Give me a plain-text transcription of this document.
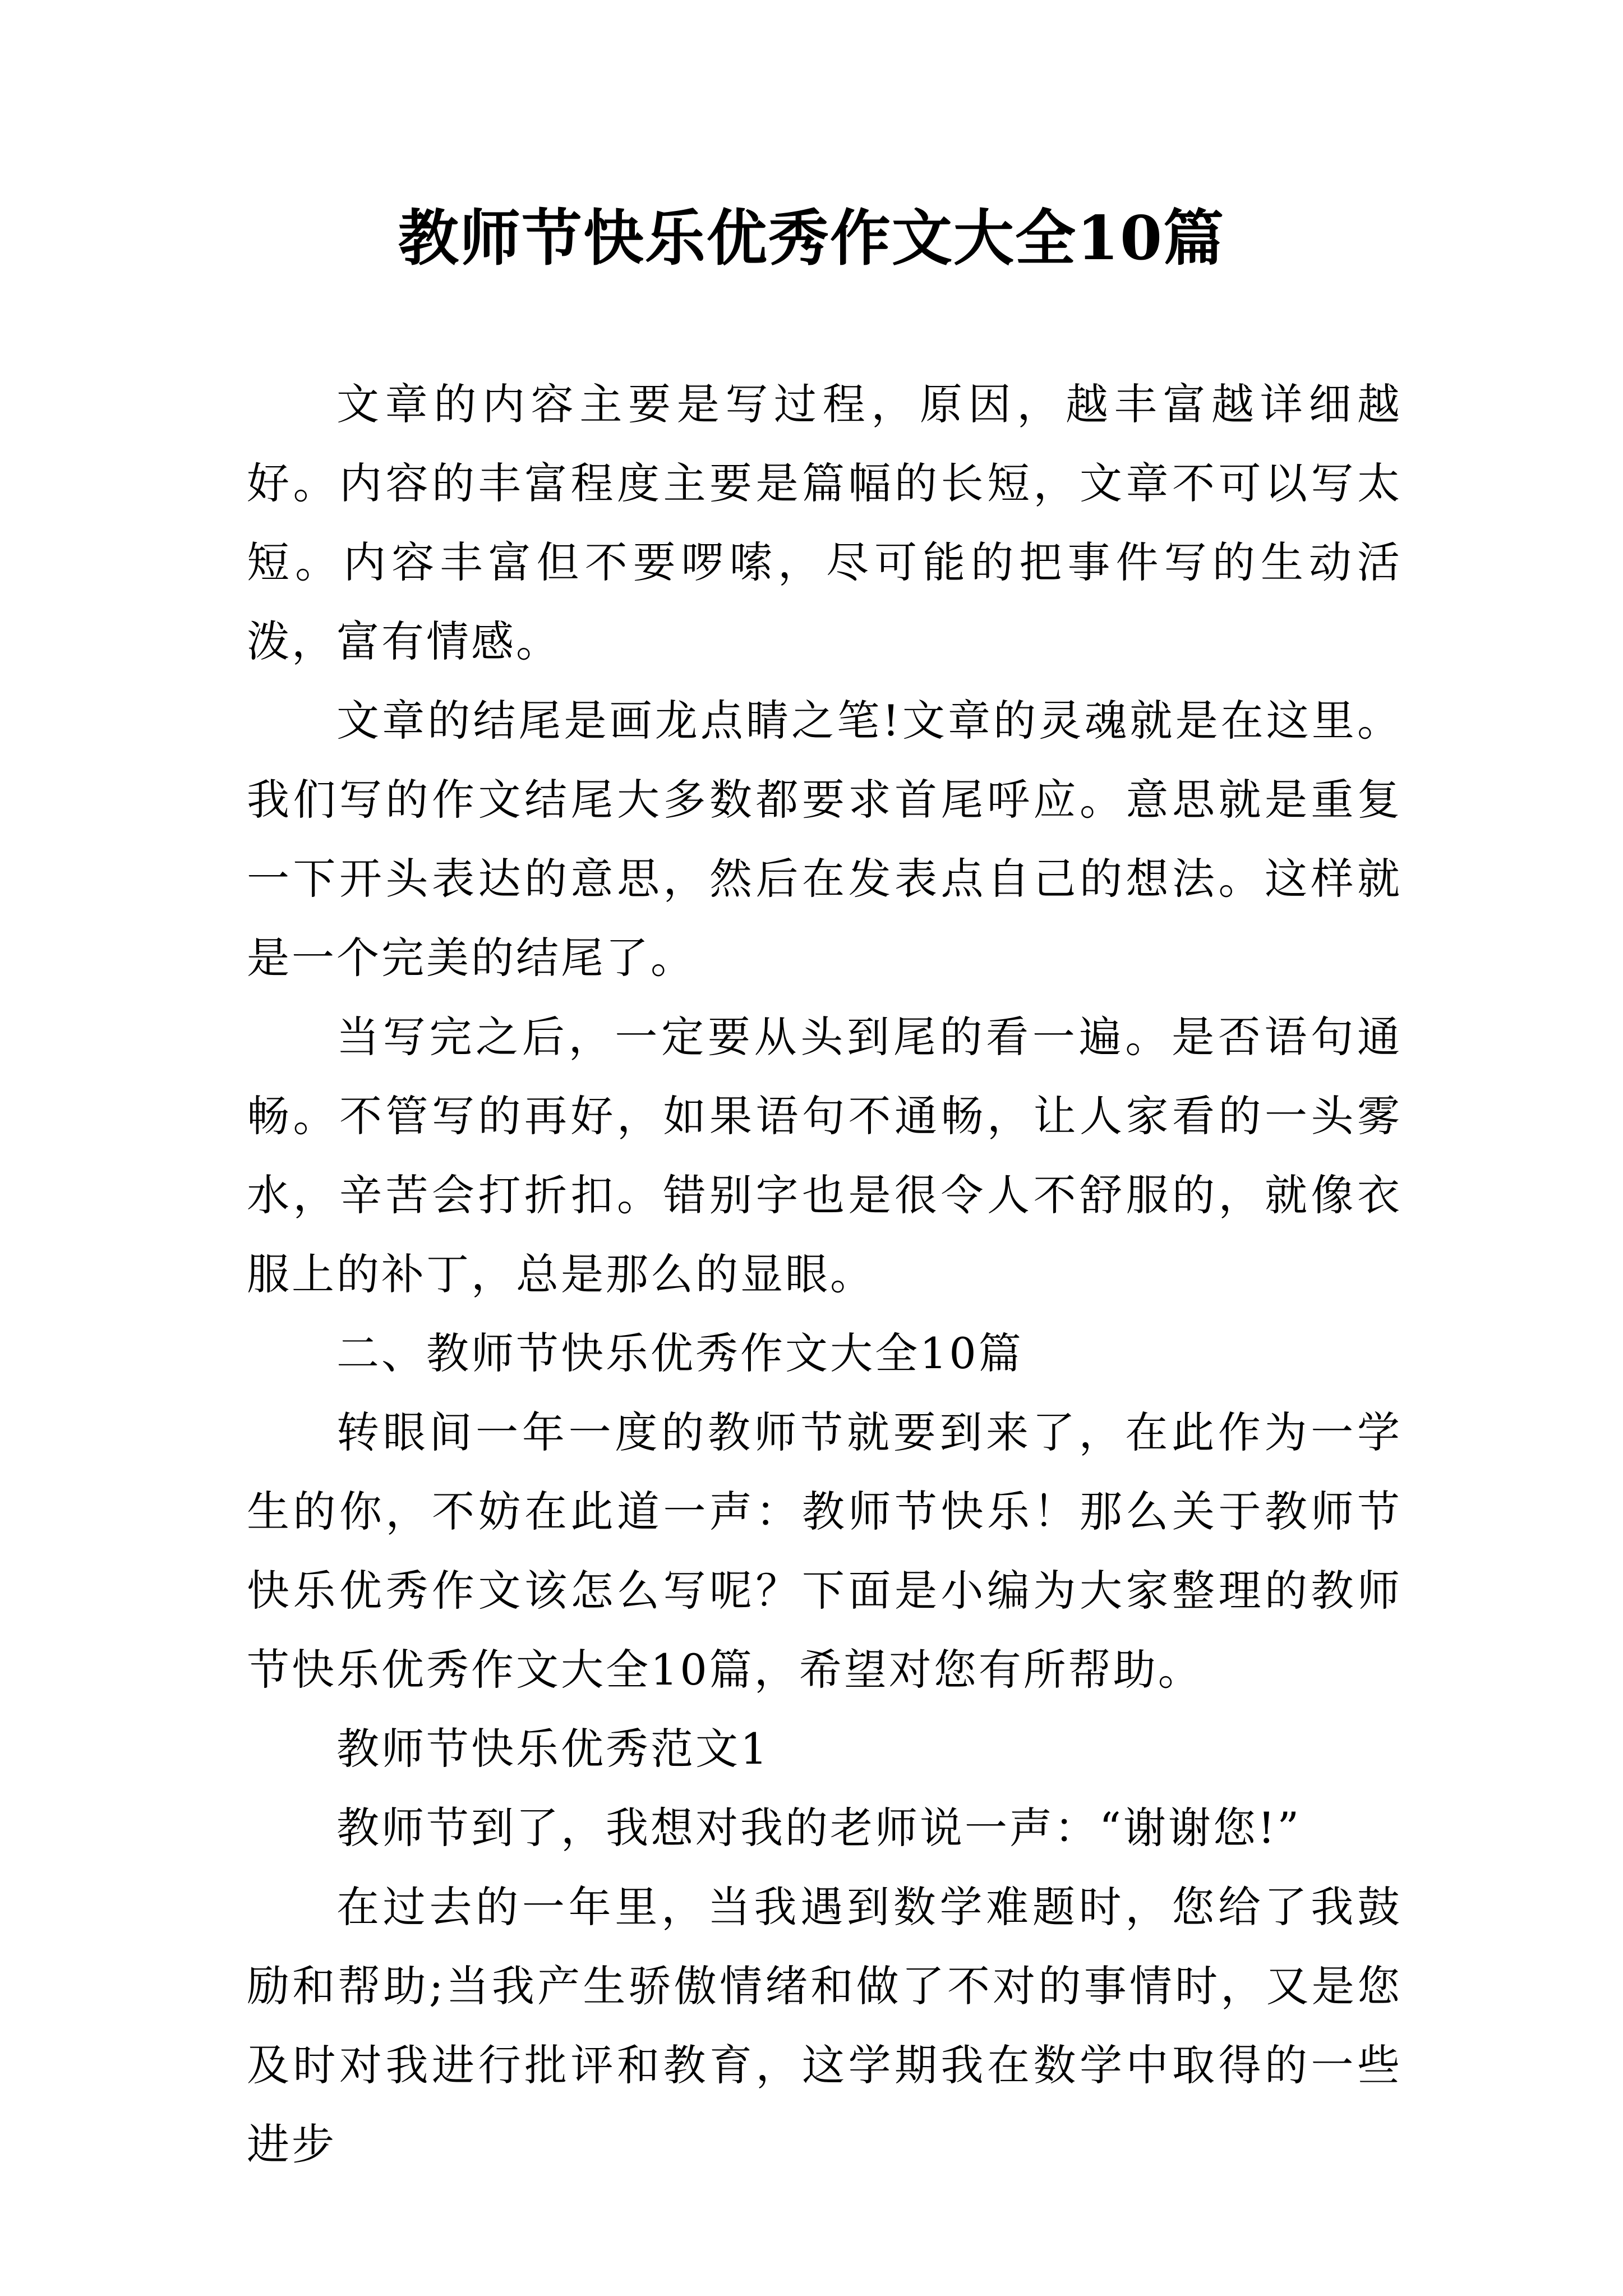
教师节快乐优秀作文大全10篇

文章的内容主要是写过程，原因，越丰富越详细越好。内容的丰富程度主要是篇幅的长短，文章不可以写太短。内容丰富但不要啰嗦，尽可能的把事件写的生动活泼，富有情感。

文章的结尾是画龙点睛之笔!文章的灵魂就是在这里。我们写的作文结尾大多数都要求首尾呼应。意思就是重复一下开头表达的意思，然后在发表点自己的想法。这样就是一个完美的结尾了。

当写完之后，一定要从头到尾的看一遍。是否语句通畅。不管写的再好，如果语句不通畅，让人家看的一头雾水，辛苦会打折扣。错别字也是很令人不舒服的，就像衣服上的补丁，总是那么的显眼。

二、教师节快乐优秀作文大全10篇

转眼间一年一度的教师节就要到来了，在此作为一学生的你，不妨在此道一声：教师节快乐！那么关于教师节快乐优秀作文该怎么写呢？下面是小编为大家整理的教师节快乐优秀作文大全10篇，希望对您有所帮助。

教师节快乐优秀范文1

教师节到了，我想对我的老师说一声：“谢谢您!”

在过去的一年里，当我遇到数学难题时，您给了我鼓励和帮助;当我产生骄傲情绪和做了不对的事情时，又是您及时对我进行批评和教育，这学期我在数学中取得的一些进步
